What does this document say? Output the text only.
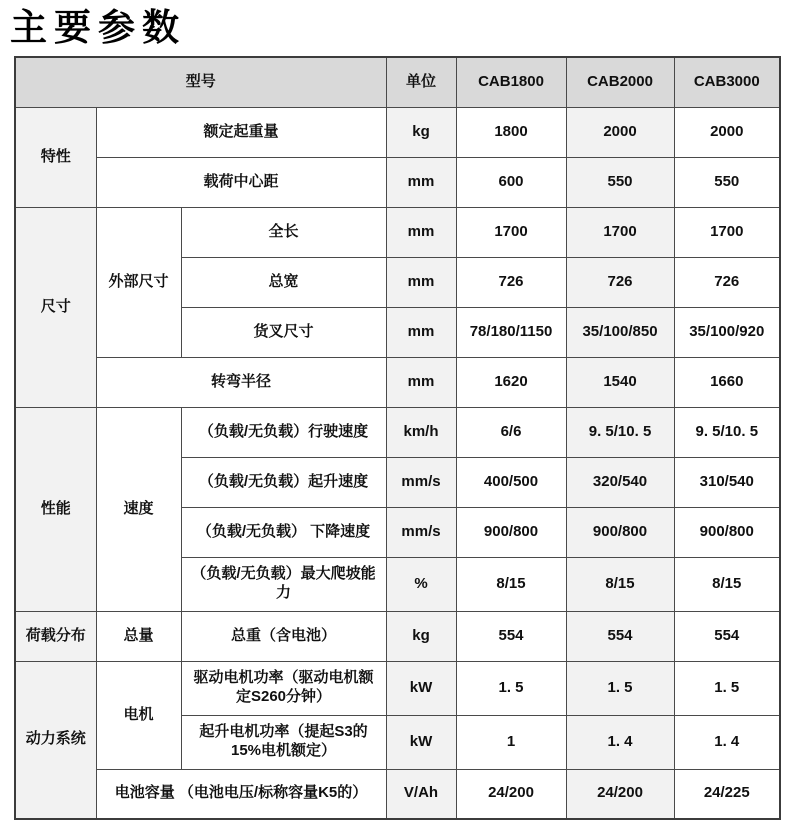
主要参数
型号			单位	CAB1800	CAB2000	CAB3000
特性	额定起重量		kg	1800	2000	2000
	载荷中心距		mm	600	550	550
尺寸	外部尺寸	全长	mm	1700	1700	1700
		总宽	mm	726	726	726
		货叉尺寸	mm	78/180/1150	35/100/850	35/100/920
	转弯半径		mm	1620	1540	1660
性能	速度	（负载/无负载）行驶速度	km/h	6/6	9. 5/10. 5	9. 5/10. 5
		（负载/无负载）起升速度	mm/s	400/500	320/540	310/540
		（负载/无负载） 下降速度	mm/s	900/800	900/800	900/800
		（负载/无负载）最大爬坡能力	%	8/15	8/15	8/15
荷载分布	总量	总重（含电池）	kg	554	554	554
动力系统	电机	驱动电机功率（驱动电机额定S260分钟）	kW	1. 5	1. 5	1. 5
		起升电机功率（提起S3的15%电机额定）	kW	1	1. 4	1. 4
	电池容量 （电池电压/标称容量K5的）		V/Ah	24/200	24/200	24/225
